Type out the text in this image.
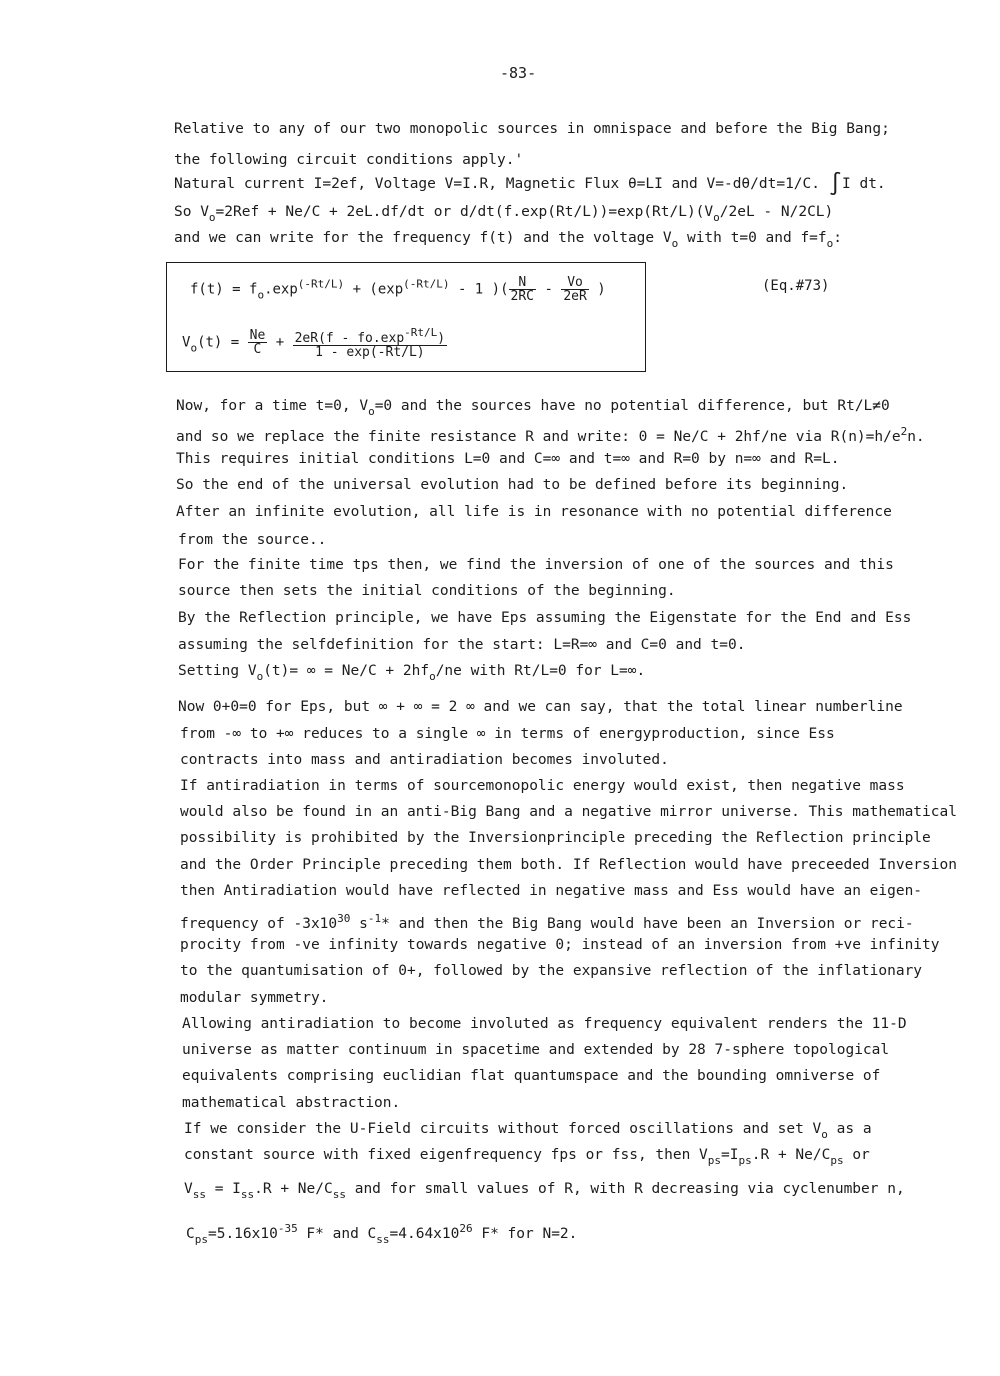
-83-
Relative to any of our two monopolic sources in omnispace and before the Big Bang;
the following circuit conditions apply.'
Natural current I=2ef, Voltage V=I.R, Magnetic Flux θ=LI and V=-dθ/dt=1/C. ∫I dt.
So $V_o=2Ref + Ne/C + 2eL.df/dt$ or $d/dt(f.\exp(Rt/L))=\exp(Rt/L)(V_o/2eL - N/2CL)$
and we can write for the frequency f(t) and the voltage $V_o$ with t=0 and $f=f_o$:
$f(t) = f_o.\exp^{(-Rt/L)} + (\exp^{(-Rt/L)} - 1$ )( $\frac{N}{2RC} - \frac{Vo}{2eR}$ )
$V_o(t) = \frac{Ne}{C} + \frac{2eR(f - fo.\exp^{-Rt/L})}{1 - \exp(-Rt/L)}$
(Eq.#73)
Now, for a time t=0, $V_o=0$ and the sources have no potential difference, but Rt/L≠0
and so we replace the finite resistance R and write: 0 = Ne/C + 2hf/ne via $R(n)=h/e^2n$.
This requires initial conditions L=0 and C=∞ and t=∞ and R=0 by n=∞ and R=L.
So the end of the universal evolution had to be defined before its beginning.
After an infinite evolution, all life is in resonance with no potential difference
from the source..
For the finite time tps then, we find the inversion of one of the sources and this
source then sets the initial conditions of the beginning.
By the Reflection principle, we have Eps assuming the Eigenstate for the End and Ess
assuming the selfdefinition for the start: L=R=∞ and C=0 and t=0.
Setting $V_o(t)=$ ∞ = $Ne/C + 2hf_o/ne$ with Rt/L=0 for L=∞.
Now 0+0=0 for Eps, but ∞ + ∞ = 2 ∞ and we can say, that the total linear numberline
from -∞ to +∞ reduces to a single ∞ in terms of energyproduction, since Ess
contracts into mass and antiradiation becomes involuted.
If antiradiation in terms of sourcemonopolic energy would exist, then negative mass
would also be found in an anti-Big Bang and a negative mirror universe. This mathematical
possibility is prohibited by the Inversionprinciple preceding the Reflection principle
and the Order Principle preceding them both. If Reflection would have preceeded Inversion
then Antiradiation would have reflected in negative mass and Ess would have an eigen-
frequency of $-3x10^{30}$ $s^{-1}*$ and then the Big Bang would have been an Inversion or reci-
procity from -ve infinity towards negative 0; instead of an inversion from +ve infinity
to the quantumisation of 0+, followed by the expansive reflection of the inflationary
modular symmetry.
Allowing antiradiation to become involuted as frequency equivalent renders the 11-D
universe as matter continuum in spacetime and extended by 28 7-sphere topological
equivalents comprising euclidian flat quantumspace and the bounding omniverse of
mathematical abstraction.
If we consider the U-Field circuits without forced oscillations and set $V_o$ as a
constant source with fixed eigenfrequency fps or fss, then $V_{ps}=I_{ps}.R + Ne/C_{ps}$ or
$V_{ss} = I_{ss}.R + Ne/C_{ss}$ and for small values of R, with R decreasing via cyclenumber n,
$C_{ps}=5.16x10^{-35}$ F* and $C_{ss}=4.64x10^{26}$ F* for N=2.
